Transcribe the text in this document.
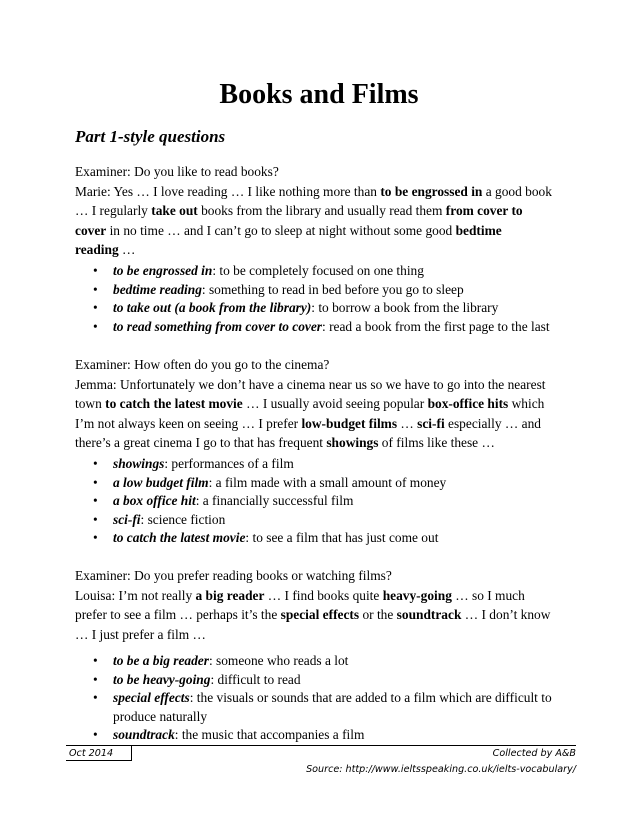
Books and Films
Part 1-style questions

Examiner: Do you like to read books?

Marie: Yes … I love reading … I like nothing more than to be engrossed in a good book

… I regularly take out books from the library and usually read them from cover to

cover in no time … and I can’t go to sleep at night without some good bedtime

reading …

•	to be engrossed in: to be completely focused on one thing
•	bedtime reading: something to read in bed before you go to sleep
•	to take out (a book from the library): to borrow a book from the library
•	to read something from cover to cover: read a book from the first page to the last

Examiner: How often do you go to the cinema?

Jemma: Unfortunately we don’t have a cinema near us so we have to go into the nearest

town to catch the latest movie … I usually avoid seeing popular box-office hits which

I’m not always keen on seeing … I prefer low-budget films … sci-fi especially … and

there’s a great cinema I go to that has frequent showings of films like these …

•	showings: performances of a film
•	a low budget film: a film made with a small amount of money
•	a box office hit: a financially successful film
•	sci-fi: science fiction
•	to catch the latest movie: to see a film that has just come out

Examiner: Do you prefer reading books or watching films?

Louisa: I’m not really a big reader … I find books quite heavy-going … so I much

prefer to see a film … perhaps it’s the special effects or the soundtrack … I don’t know

… I just prefer a film …

•	to be a big reader: someone who reads a lot
•	to be heavy-going: difficult to read
•	special effects: the visuals or sounds that are added to a film which are difficult to produce naturally
•	soundtrack: the music that accompanies a film
Oct 2014	Collected by A&B
Source: http://www.ieltsspeaking.co.uk/ielts-vocabulary/
